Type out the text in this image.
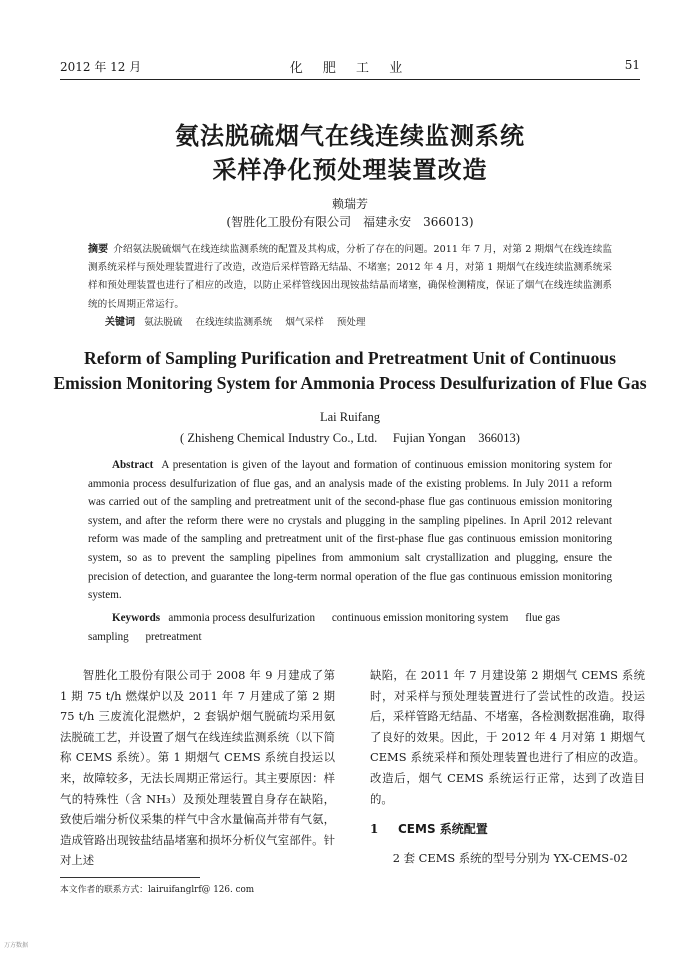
2012 年 12 月	化 肥 工 业	51
氨法脱硫烟气在线连续监测系统
采样净化预处理装置改造
赖瑞芳
(智胜化工股份有限公司　福建永安　366013)
摘要 介绍氨法脱硫烟气在线连续监测系统的配置及其构成，分析了存在的问题。2011 年 7 月，对第 2 期烟气在线连续监测系统采样与预处理装置进行了改造，改造后采样管路无结晶、不堵塞；2012 年 4 月，对第 1 期烟气在线连续监测系统采样和预处理装置也进行了相应的改造，以防止采样管线因出现铵盐结晶而堵塞，确保检测精度，保证了烟气在线连续监测系统的长周期正常运行。
关键词 氨法脱硫 在线连续监测系统 烟气采样 预处理
Reform of Sampling Purification and Pretreatment Unit of Continuous
Emission Monitoring System for Ammonia Process Desulfurization of Flue Gas
Lai Ruifang
( Zhisheng Chemical Industry Co., Ltd.　 Fujian Yongan　366013)
Abstract A presentation is given of the layout and formation of continuous emission monitoring system for ammonia process desulfurization of flue gas, and an analysis made of the existing problems. In July 2011 a reform was carried out of the sampling and pretreatment unit of the second-phase flue gas continuous emission monitoring system, and after the reform there were no crystals and plugging in the sampling pipelines. In April 2012 relevant reform was made of the sampling and pretreatment unit of the first-phase flue gas continuous emission monitoring system, so as to prevent the sampling pipelines from ammonium salt crystallization and plugging, ensure the precision of detection, and guarantee the long-term normal operation of the flue gas continuous emission monitoring system.
Keywords ammonia process desulfurization continuous emission monitoring system flue gas sampling pretreatment

智胜化工股份有限公司于 2008 年 9 月建成了第 1 期 75 t/h 燃煤炉以及 2011 年 7 月建成了第 2 期 75 t/h 三废流化混燃炉，2 套锅炉烟气脱硫均采用氨法脱硫工艺，并设置了烟气在线连续监测系统（以下简称 CEMS 系统）。第 1 期烟气 CEMS 系统自投运以来，故障较多，无法长周期正常运行。其主要原因：样气的特殊性（含 NH₃）及预处理装置自身存在缺陷，致使后端分析仪采集的样气中含水量偏高并带有气氨，造成管路出现铵盐结晶堵塞和损坏分析仪气室部件。针对上述

缺陷，在 2011 年 7 月建设第 2 期烟气 CEMS 系统时，对采样与预处理装置进行了尝试性的改造。投运后，采样管路无结晶、不堵塞，各检测数据准确，取得了良好的效果。因此，于 2012 年 4 月对第 1 期烟气 CEMS 系统采样和预处理装置也进行了相应的改造。改造后，烟气 CEMS 系统运行正常，达到了改造目的。

1 CEMS 系统配置

2 套 CEMS 系统的型号分别为 YX-CEMS-02

本文作者的联系方式：lairuifanglrf@ 126. com
万方数据
